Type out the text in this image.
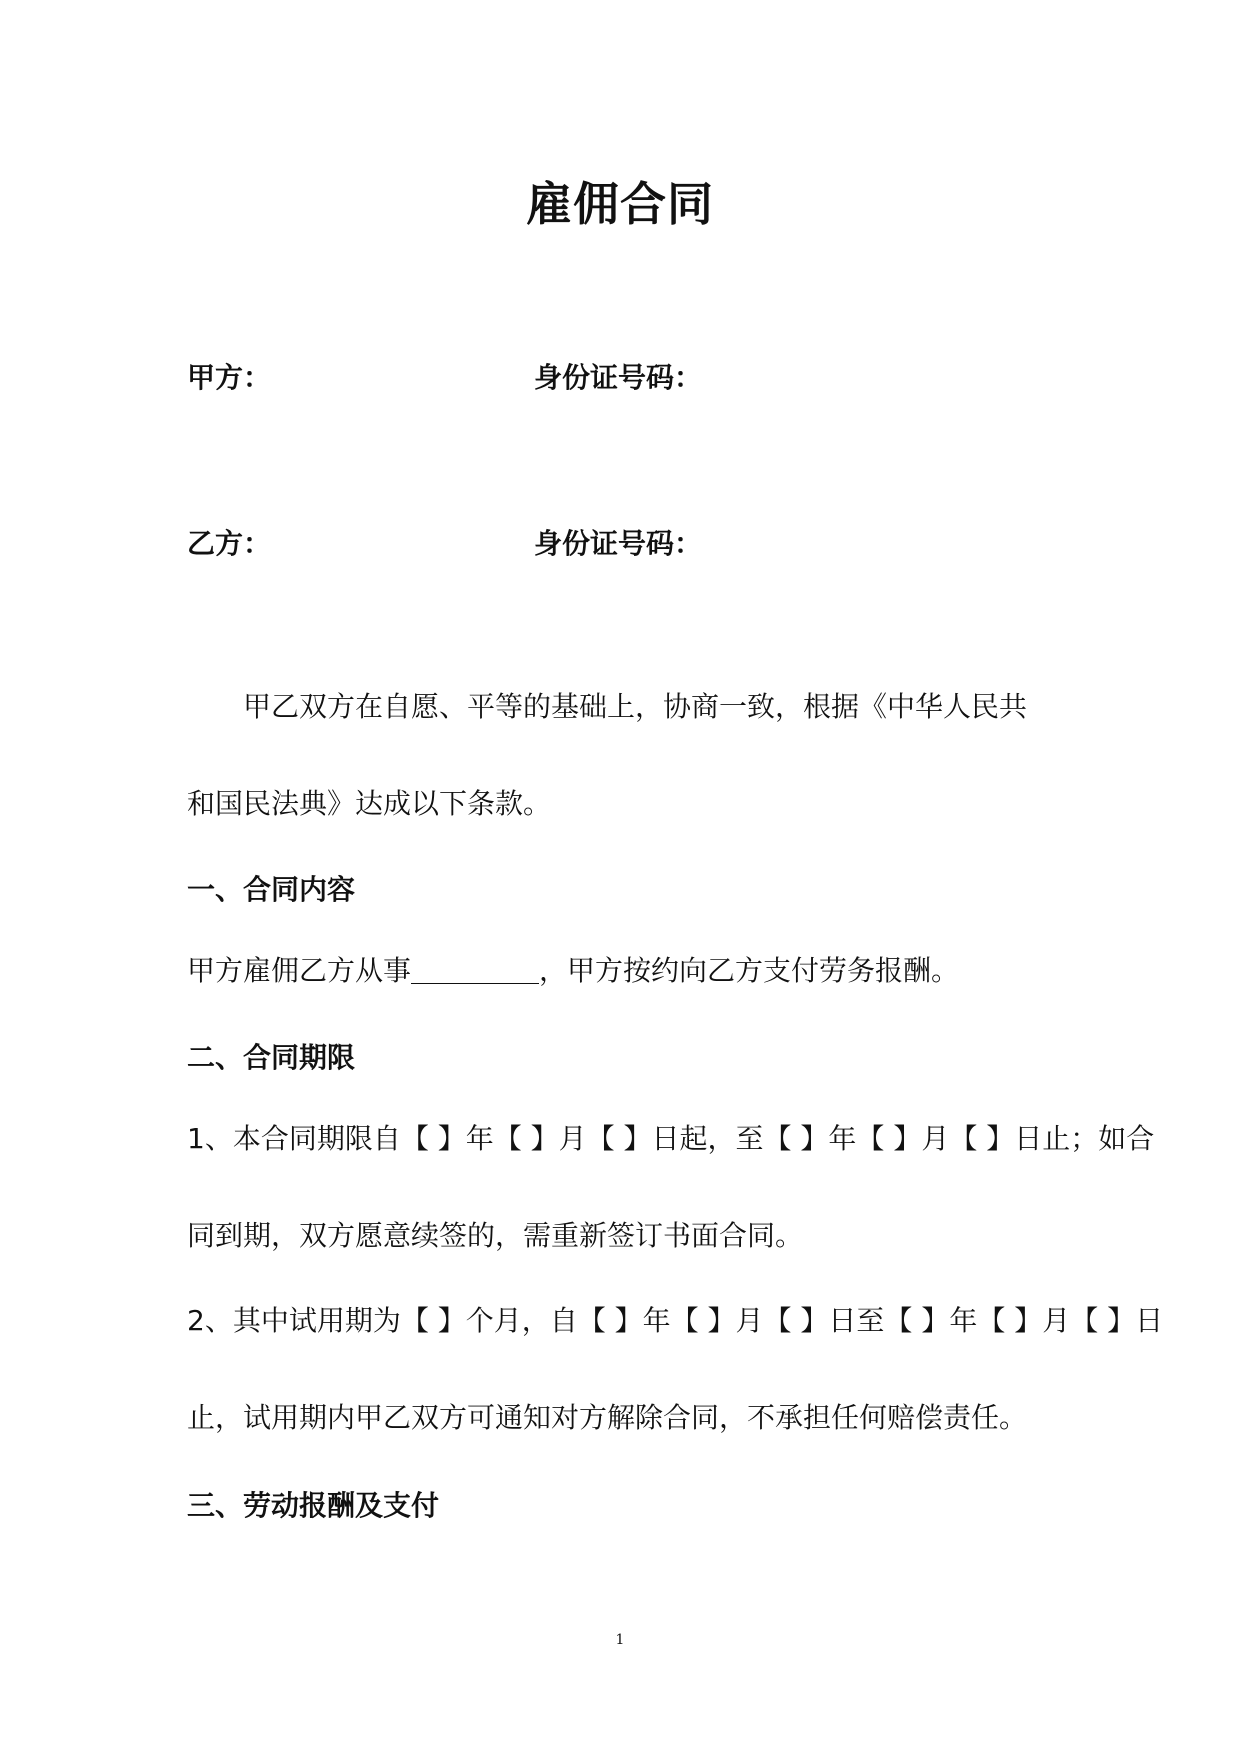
雇佣合同
甲方：	身份证号码：
乙方：	身份证号码：
甲乙双方在自愿、平等的基础上，协商一致，根据《中华人民共
和国民法典》达成以下条款。
一、合同内容
甲方雇佣乙方从事	，甲方按约向乙方支付劳务报酬。
二、合同期限
1、本合同期限自【 】年【 】月【 】日起，至【 】年【 】月【 】日止；如合
同到期，双方愿意续签的，需重新签订书面合同。
2、其中试用期为【 】个月，自【 】年【 】月【 】日至【 】年【 】月【 】日
止，试用期内甲乙双方可通知对方解除合同，不承担任何赔偿责任。
三、劳动报酬及支付
1
